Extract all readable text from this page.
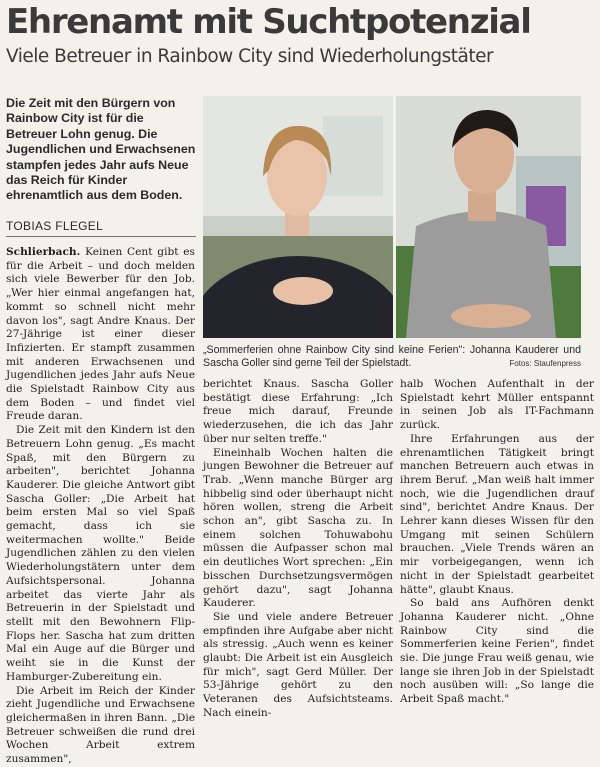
Ehrenamt mit Suchtpotenzial
Viele Betreuer in Rainbow City sind Wiederholungstäter
Die Zeit mit den Bürgern von Rainbow City ist für die Betreuer Lohn genug. Die Jugendlichen und Erwachsenen stampfen jedes Jahr aufs Neue das Reich für Kinder ehrenamtlich aus dem Boden.
TOBIAS FLEGEL
„Sommerferien ohne Rainbow City sind keine Ferien": Johanna Kauderer und Sascha Goller sind gerne Teil der Spielstadt.	Fotos: Staufenpress

Schlierbach. Keinen Cent gibt es für die Arbeit – und doch melden sich viele Bewerber für den Job. „Wer hier einmal angefangen hat, kommt so schnell nicht mehr davon los", sagt Andre Knaus. Der 27-Jährige ist einer dieser Infizierten. Er stampft zusammen mit anderen Erwachsenen und Jugendlichen jedes Jahr aufs Neue die Spielstadt Rainbow City aus dem Boden – und findet viel Freude daran.

Die Zeit mit den Kindern ist den Betreuern Lohn genug. „Es macht Spaß, mit den Bürgern zu arbeiten", berichtet Johanna Kauderer. Die gleiche Antwort gibt Sascha Goller: „Die Arbeit hat beim ersten Mal so viel Spaß gemacht, dass ich sie weitermachen wollte." Beide Jugendlichen zählen zu den vielen Wiederholungstätern unter dem Aufsichtspersonal. Johanna arbeitet das vierte Jahr als Betreuerin in der Spielstadt und stellt mit den Bewohnern Flip-Flops her. Sascha hat zum dritten Mal ein Auge auf die Bürger und weiht sie in die Kunst der Hamburger-Zubereitung ein.

Die Arbeit im Reich der Kinder zieht Jugendliche und Erwachsene gleichermaßen in ihren Bann. „Die Betreuer schweißen die rund drei Wochen Arbeit extrem zusammen",

berichtet Knaus. Sascha Goller bestätigt diese Erfahrung: „Ich freue mich darauf, Freunde wiederzusehen, die ich das Jahr über nur selten treffe."

Eineinhalb Wochen halten die jungen Bewohner die Betreuer auf Trab. „Wenn manche Bürger arg hibbelig sind oder überhaupt nicht hören wollen, streng die Arbeit schon an", gibt Sascha zu. In einem solchen Tohuwabohu müssen die Aufpasser schon mal ein deutliches Wort sprechen: „Ein bisschen Durchsetzungsvermögen gehört dazu", sagt Johanna Kauderer.

Sie und viele andere Betreuer empfinden ihre Aufgabe aber nicht als stressig. „Auch wenn es keiner glaubt: Die Arbeit ist ein Ausgleich für mich", sagt Gerd Müller. Der 53-Jährige gehört zu den Veteranen des Aufsichtsteams. Nach einein-

halb Wochen Aufenthalt in der Spielstadt kehrt Müller entspannt in seinen Job als IT-Fachmann zurück.

Ihre Erfahrungen aus der ehrenamtlichen Tätigkeit bringt manchen Betreuern auch etwas in ihrem Beruf. „Man weiß halt immer noch, wie die Jugendlichen drauf sind", berichtet Andre Knaus. Der Lehrer kann dieses Wissen für den Umgang mit seinen Schülern brauchen. „Viele Trends wären an mir vorbeigegangen, wenn ich nicht in der Spielstadt gearbeitet hätte", glaubt Knaus.

So bald ans Aufhören denkt Johanna Kauderer nicht. „Ohne Rainbow City sind die Sommerferien keine Ferien", findet sie. Die junge Frau weiß genau, wie lange sie ihren Job in der Spielstadt noch ausüben will: „So lange die Arbeit Spaß macht."
